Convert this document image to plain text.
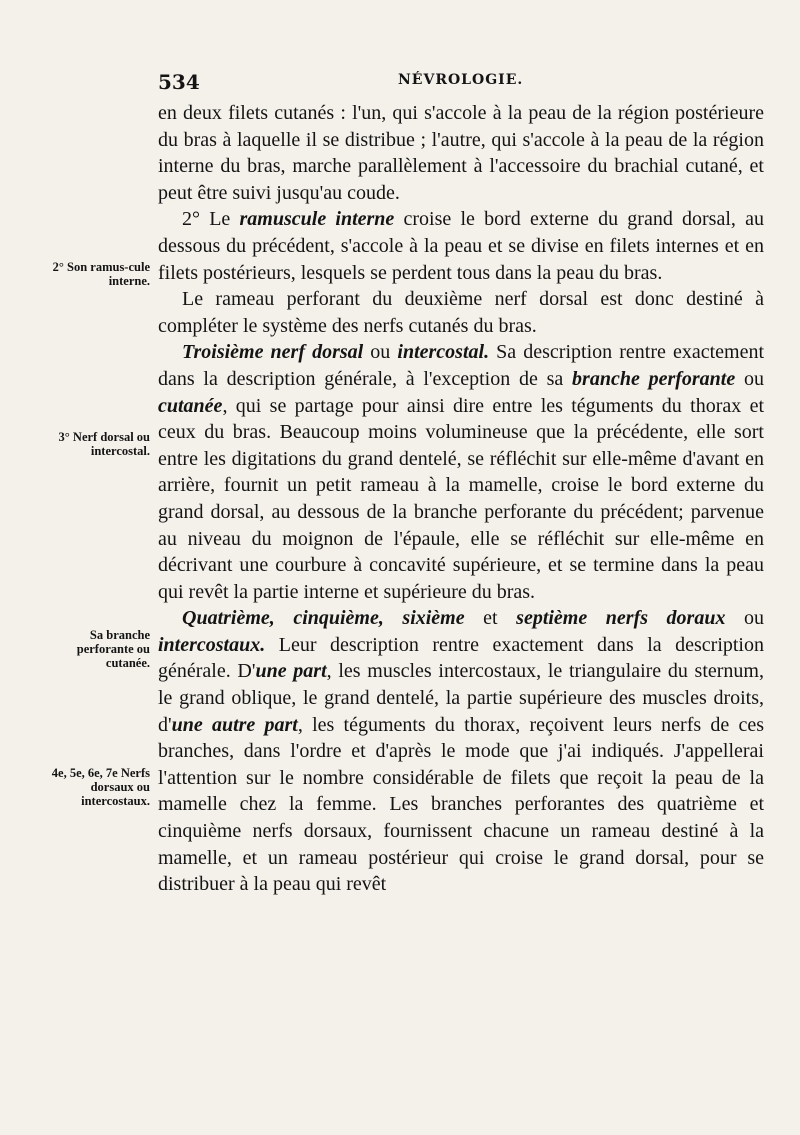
534	NÉVROLOGIE.
2° Son ramus-cule interne.
3° Nerf dorsal ou intercostal.
Sa branche perforante ou cutanée.
4e, 5e, 6e, 7e Nerfs dorsaux ou intercostaux.

en deux filets cutanés : l'un, qui s'accole à la peau de la région postérieure du bras à laquelle il se distribue ; l'autre, qui s'accole à la peau de la région interne du bras, marche parallèlement à l'accessoire du brachial cutané, et peut être suivi jusqu'au coude.

2° Le ramuscule interne croise le bord externe du grand dorsal, au dessous du précédent, s'accole à la peau et se divise en filets internes et en filets postérieurs, lesquels se perdent tous dans la peau du bras.

Le rameau perforant du deuxième nerf dorsal est donc destiné à compléter le système des nerfs cutanés du bras.

Troisième nerf dorsal ou intercostal. Sa description rentre exactement dans la description générale, à l'exception de sa branche perforante ou cutanée, qui se partage pour ainsi dire entre les téguments du thorax et ceux du bras. Beaucoup moins volumineuse que la précédente, elle sort entre les digitations du grand dentelé, se réfléchit sur elle-même d'avant en arrière, fournit un petit rameau à la mamelle, croise le bord externe du grand dorsal, au dessous de la branche perforante du précédent; parvenue au niveau du moignon de l'épaule, elle se réfléchit sur elle-même en décrivant une courbure à concavité supérieure, et se termine dans la peau qui revêt la partie interne et supérieure du bras.

Quatrième, cinquième, sixième et septième nerfs doraux ou intercostaux. Leur description rentre exactement dans la description générale. D'une part, les muscles intercostaux, le triangulaire du sternum, le grand oblique, le grand dentelé, la partie supérieure des muscles droits, d'une autre part, les téguments du thorax, reçoivent leurs nerfs de ces branches, dans l'ordre et d'après le mode que j'ai indiqués. J'appellerai l'attention sur le nombre considérable de filets que reçoit la peau de la mamelle chez la femme. Les branches perforantes des quatrième et cinquième nerfs dorsaux, fournissent chacune un rameau destiné à la mamelle, et un rameau postérieur qui croise le grand dorsal, pour se distribuer à la peau qui revêt
